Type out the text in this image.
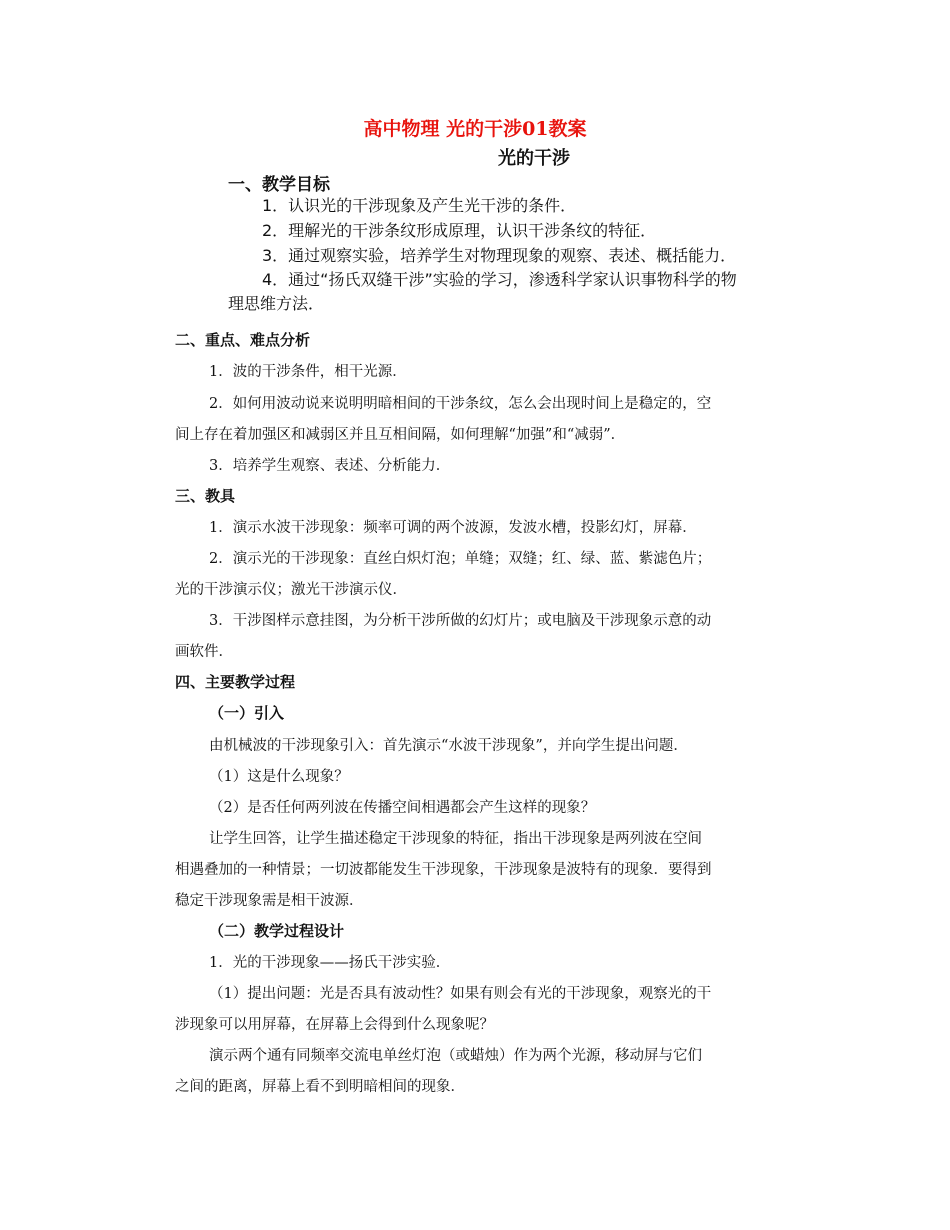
高中物理 光的干涉01教案
光的干涉
一、教学目标
1．认识光的干涉现象及产生光干涉的条件．
2．理解光的干涉条纹形成原理，认识干涉条纹的特征．
3．通过观察实验，培养学生对物理现象的观察、表述、概括能力．
4．通过“扬氏双缝干涉”实验的学习，渗透科学家认识事物科学的物
理思维方法．
二、重点、难点分析
1．波的干涉条件，相干光源．
2．如何用波动说来说明明暗相间的干涉条纹，怎么会出现时间上是稳定的，空
间上存在着加强区和减弱区并且互相间隔，如何理解“加强”和“减弱”．
3．培养学生观察、表述、分析能力．
三、教具
1．演示水波干涉现象：频率可调的两个波源，发波水槽，投影幻灯，屏幕．
2．演示光的干涉现象：直丝白炽灯泡；单缝；双缝；红、绿、蓝、紫滤色片；
光的干涉演示仪；激光干涉演示仪．
3．干涉图样示意挂图，为分析干涉所做的幻灯片；或电脑及干涉现象示意的动
画软件．
四、主要教学过程
（一）引入
由机械波的干涉现象引入：首先演示“水波干涉现象”，并向学生提出问题．
（1）这是什么现象？
（2）是否任何两列波在传播空间相遇都会产生这样的现象？
让学生回答，让学生描述稳定干涉现象的特征，指出干涉现象是两列波在空间
相遇叠加的一种情景；一切波都能发生干涉现象，干涉现象是波特有的现象．要得到
稳定干涉现象需是相干波源．
（二）教学过程设计
1．光的干涉现象——扬氏干涉实验．
（1）提出问题：光是否具有波动性？如果有则会有光的干涉现象，观察光的干
涉现象可以用屏幕，在屏幕上会得到什么现象呢？
演示两个通有同频率交流电单丝灯泡（或蜡烛）作为两个光源，移动屏与它们
之间的距离，屏幕上看不到明暗相间的现象．
